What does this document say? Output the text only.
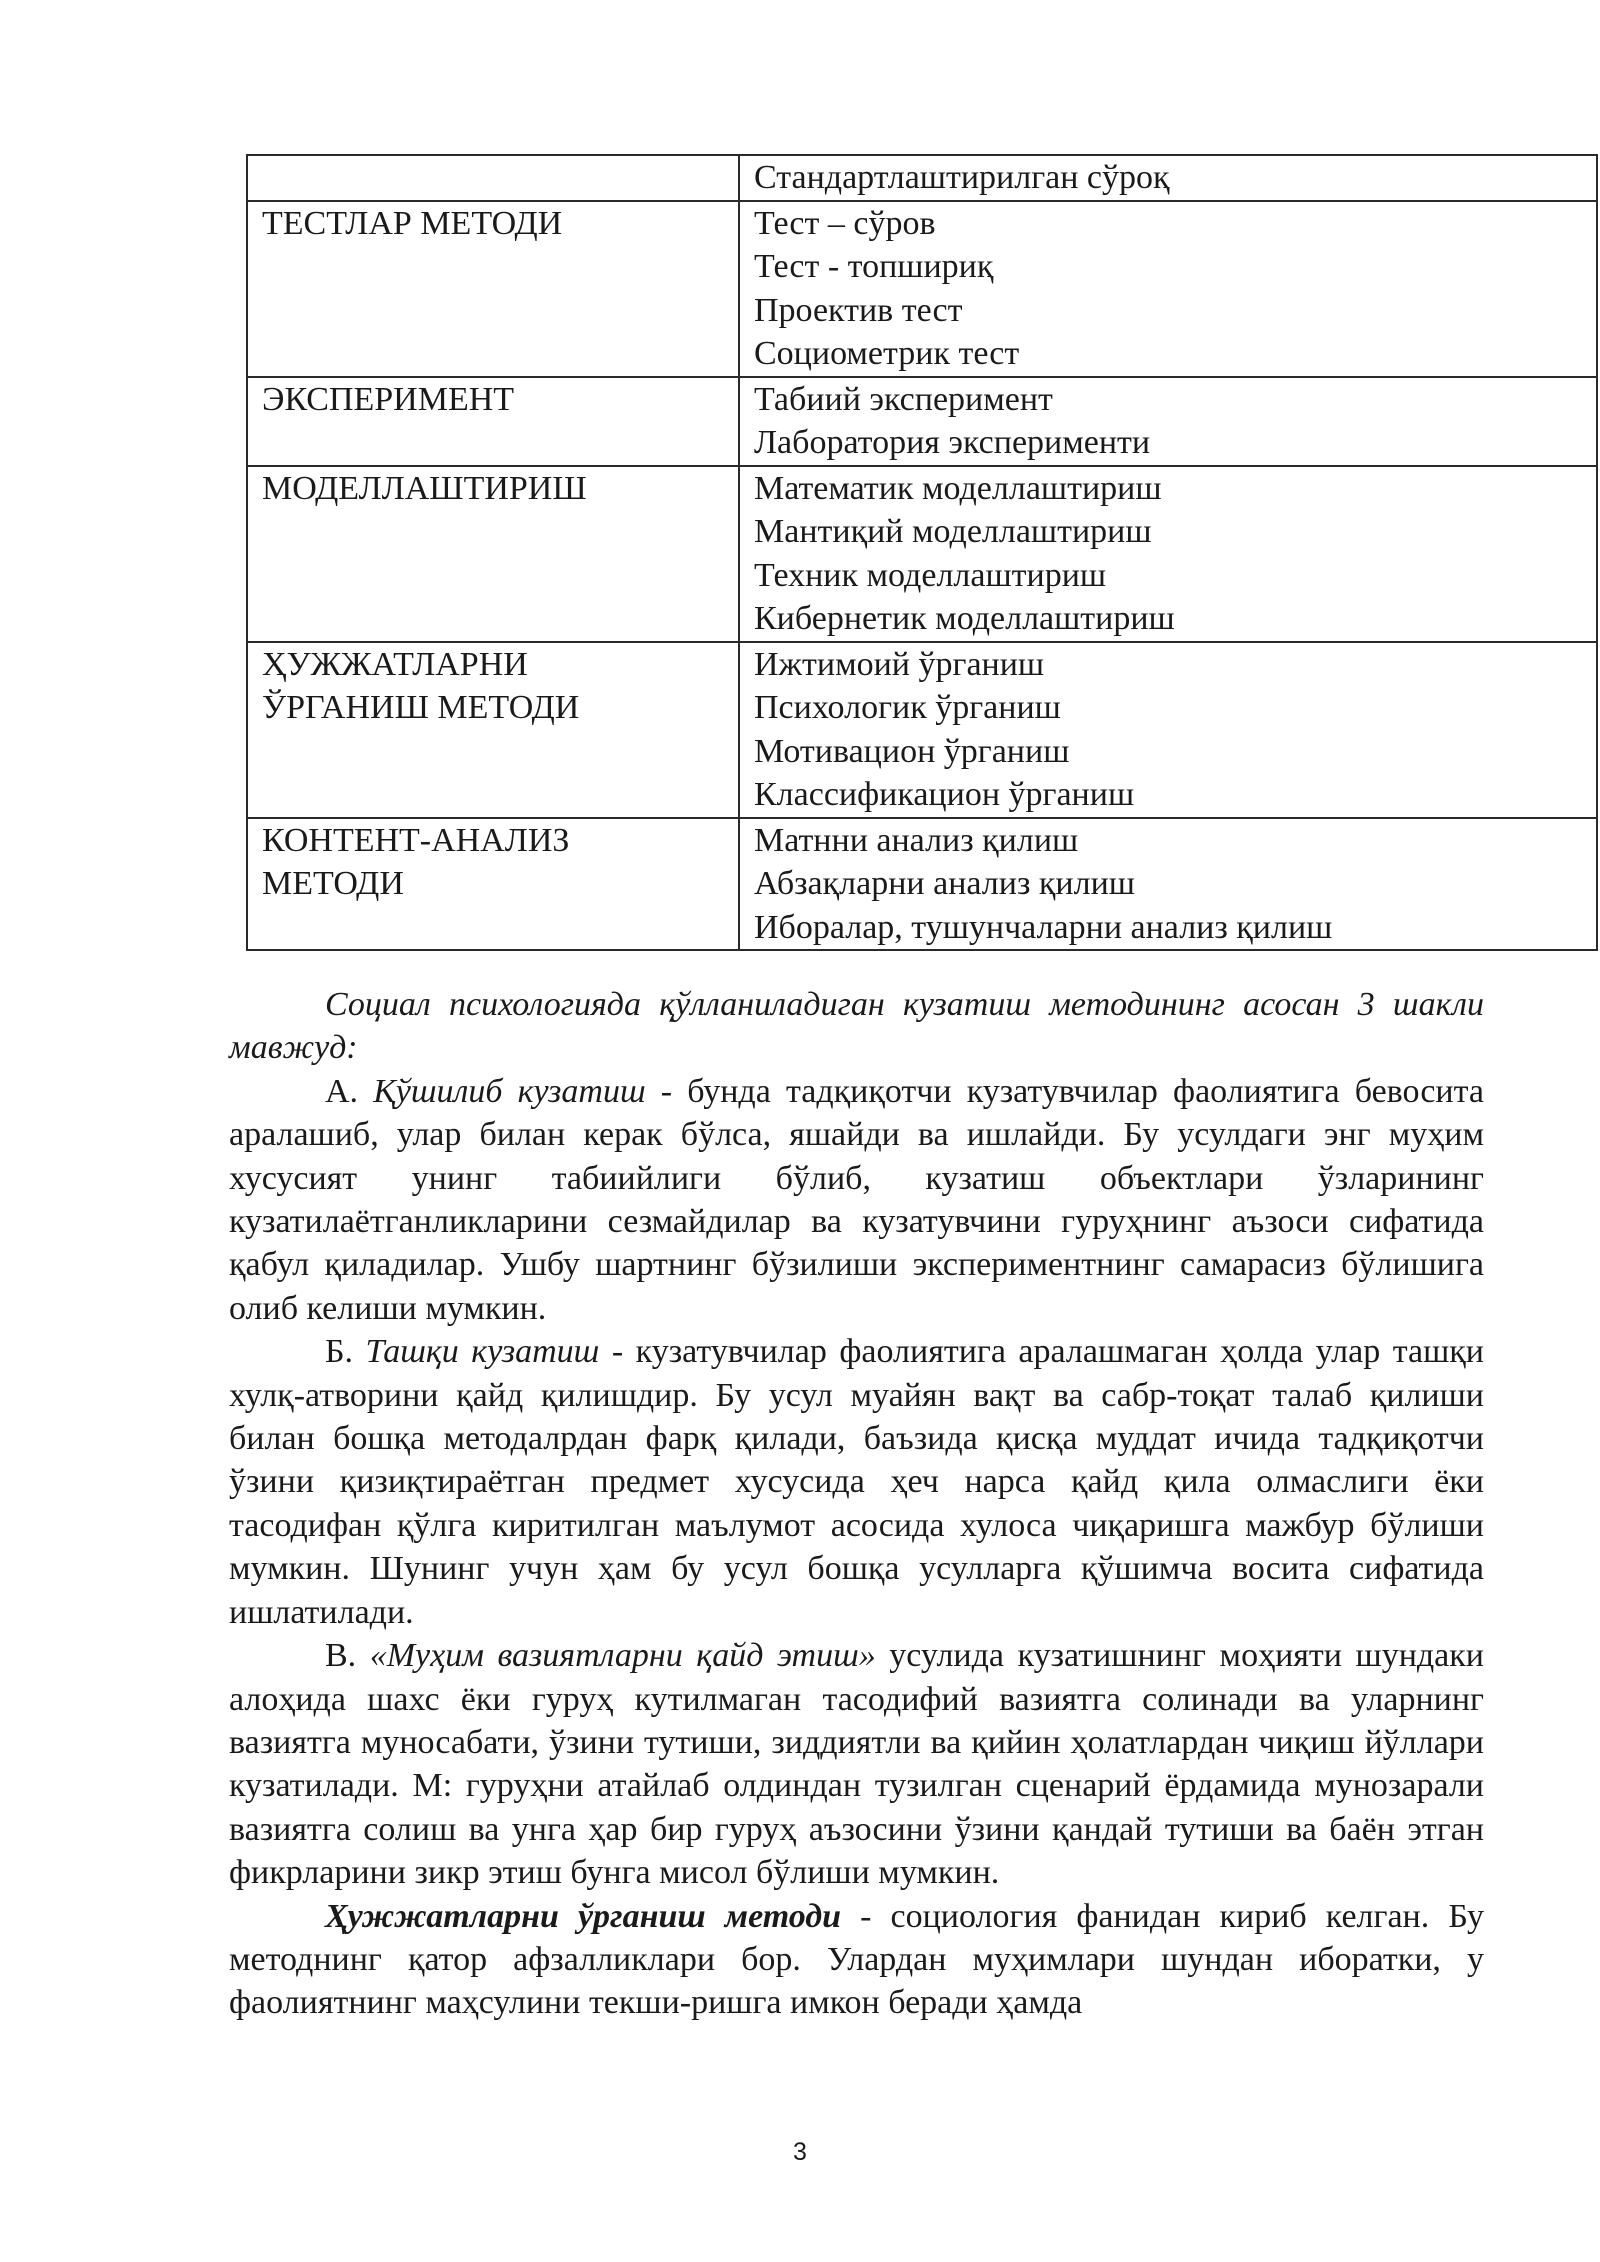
	Стандартлаштирилган сўроқ

ТЕСТЛАР МЕТОДИ	Тест – сўров
Тест - топшириқ
Проектив тест
Социометрик тест

ЭКСПЕРИМЕНТ	Табиий эксперимент
Лаборатория эксперименти

МОДЕЛЛАШТИРИШ	Математик моделлаштириш
Мантиқий моделлаштириш
Техник моделлаштириш
Кибернетик моделлаштириш

ҲУЖЖАТЛАРНИ
ЎРГАНИШ МЕТОДИ	Ижтимоий ўрганиш
Психологик ўрганиш
Мотивацион ўрганиш
Классификацион ўрганиш

КОНТЕНТ-АНАЛИЗ
МЕТОДИ	Матнни анализ қилиш
Абзақларни анализ қилиш
Иборалар, тушунчаларни анализ қилиш

Социал психологияда қўлланиладиган кузатиш методининг асосан 3 шакли мавжуд:

А. Қўшилиб кузатиш - бунда тадқиқотчи кузатувчилар фаолиятига бевосита аралашиб, улар билан керак бўлса, яшайди ва ишлайди. Бу усулдаги энг муҳим хусусият унинг табиийлиги бўлиб, кузатиш объектлари ўзларининг кузатилаётганликларини сезмайдилар ва кузатувчини гуруҳнинг аъзоси сифатида қабул қиладилар. Ушбу шартнинг бўзилиши экспериментнинг самарасиз бўлишига олиб келиши мумкин.

Б. Ташқи кузатиш - кузатувчилар фаолиятига аралашмаган ҳолда улар ташқи хулқ-атворини қайд қилишдир. Бу усул муайян вақт ва сабр-тоқат талаб қилиши билан бошқа методалрдан фарқ қилади, баъзида қисқа муддат ичида тадқиқотчи ўзини қизиқтираётган предмет хусусида ҳеч нарса қайд қила олмаслиги ёки тасодифан қўлга киритилган маълумот асосида хулоса чиқаришга мажбур бўлиши мумкин. Шунинг учун ҳам бу усул бошқа усулларга қўшимча восита сифатида ишлатилади.

В. «Муҳим вазиятларни қайд этиш» усулида кузатишнинг моҳияти шундаки алоҳида шахс ёки гуруҳ кутилмаган тасодифий вазиятга солинади ва уларнинг вазиятга муносабати, ўзини тутиши, зиддиятли ва қийин ҳолатлардан чиқиш йўллари кузатилади. М: гуруҳни атайлаб олдиндан тузилган сценарий ёрдамида мунозарали вазиятга солиш ва унга ҳар бир гуруҳ аъзосини ўзини қандай тутиши ва баён этган фикрларини зикр этиш бунга мисол бўлиши мумкин.

Ҳужжатларни ўрганиш методи - социология фанидан кириб келган. Бу методнинг қатор афзалликлари бор. Улардан муҳимлари шундан иборатки, у фаолиятнинг маҳсулини текши-ришга имкон беради ҳамда

3
